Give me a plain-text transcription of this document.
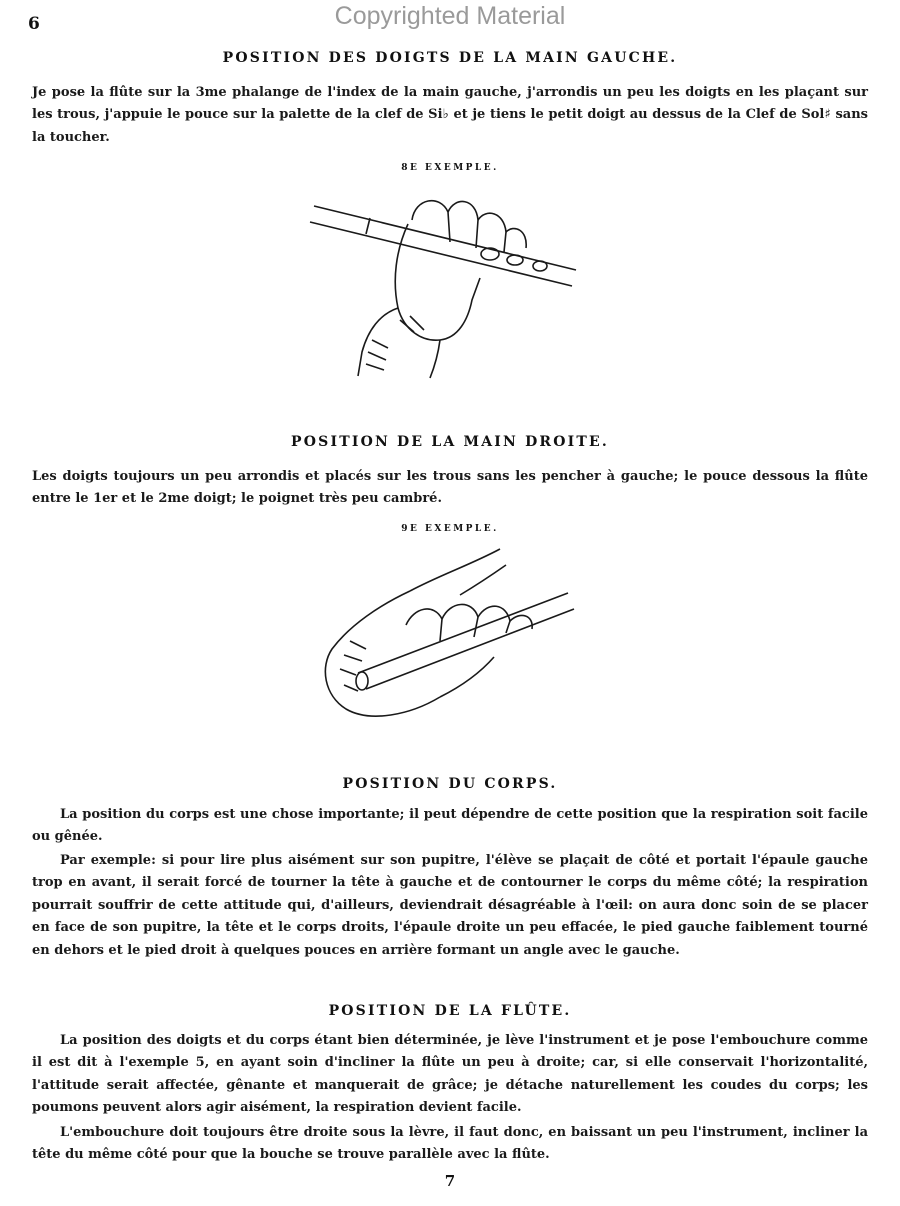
6	Copyrighted Material
POSITION DES DOIGTS DE LA MAIN GAUCHE.
Je pose la flûte sur la 3me phalange de l'index de la main gauche, j'arrondis un peu les doigts en les plaçant sur les trous, j'appuie le pouce sur la palette de la clef de Si♭ et je tiens le petit doigt au dessus de la Clef de Sol♯ sans la toucher.
8E EXEMPLE.
POSITION DE LA MAIN DROITE.
Les doigts toujours un peu arrondis et placés sur les trous sans les pencher à gauche; le pouce dessous la flûte entre le 1er et le 2me doigt; le poignet très peu cambré.
9E EXEMPLE.
POSITION DU CORPS.
La position du corps est une chose importante; il peut dépendre de cette position que la respiration soit facile ou gênée.
Par exemple: si pour lire plus aisément sur son pupitre, l'élève se plaçait de côté et portait l'épaule gauche trop en avant, il serait forcé de tourner la tête à gauche et de contourner le corps du même côté; la respiration pourrait souffrir de cette attitude qui, d'ailleurs, deviendrait désagréable à l'œil: on aura donc soin de se placer en face de son pupitre, la tête et le corps droits, l'épaule droite un peu effacée, le pied gauche faiblement tourné en dehors et le pied droit à quelques pouces en arrière formant un angle avec le gauche.
POSITION DE LA FLÛTE.
La position des doigts et du corps étant bien déterminée, je lève l'instrument et je pose l'embouchure comme il est dit à l'exemple 5, en ayant soin d'incliner la flûte un peu à droite; car, si elle conservait l'horizontalité, l'attitude serait affectée, gênante et manquerait de grâce; je détache naturellement les coudes du corps; les poumons peuvent alors agir aisément, la respiration devient facile.
L'embouchure doit toujours être droite sous la lèvre, il faut donc, en baissant un peu l'instrument, incliner la tête du même côté pour que la bouche se trouve parallèle avec la flûte.
7
